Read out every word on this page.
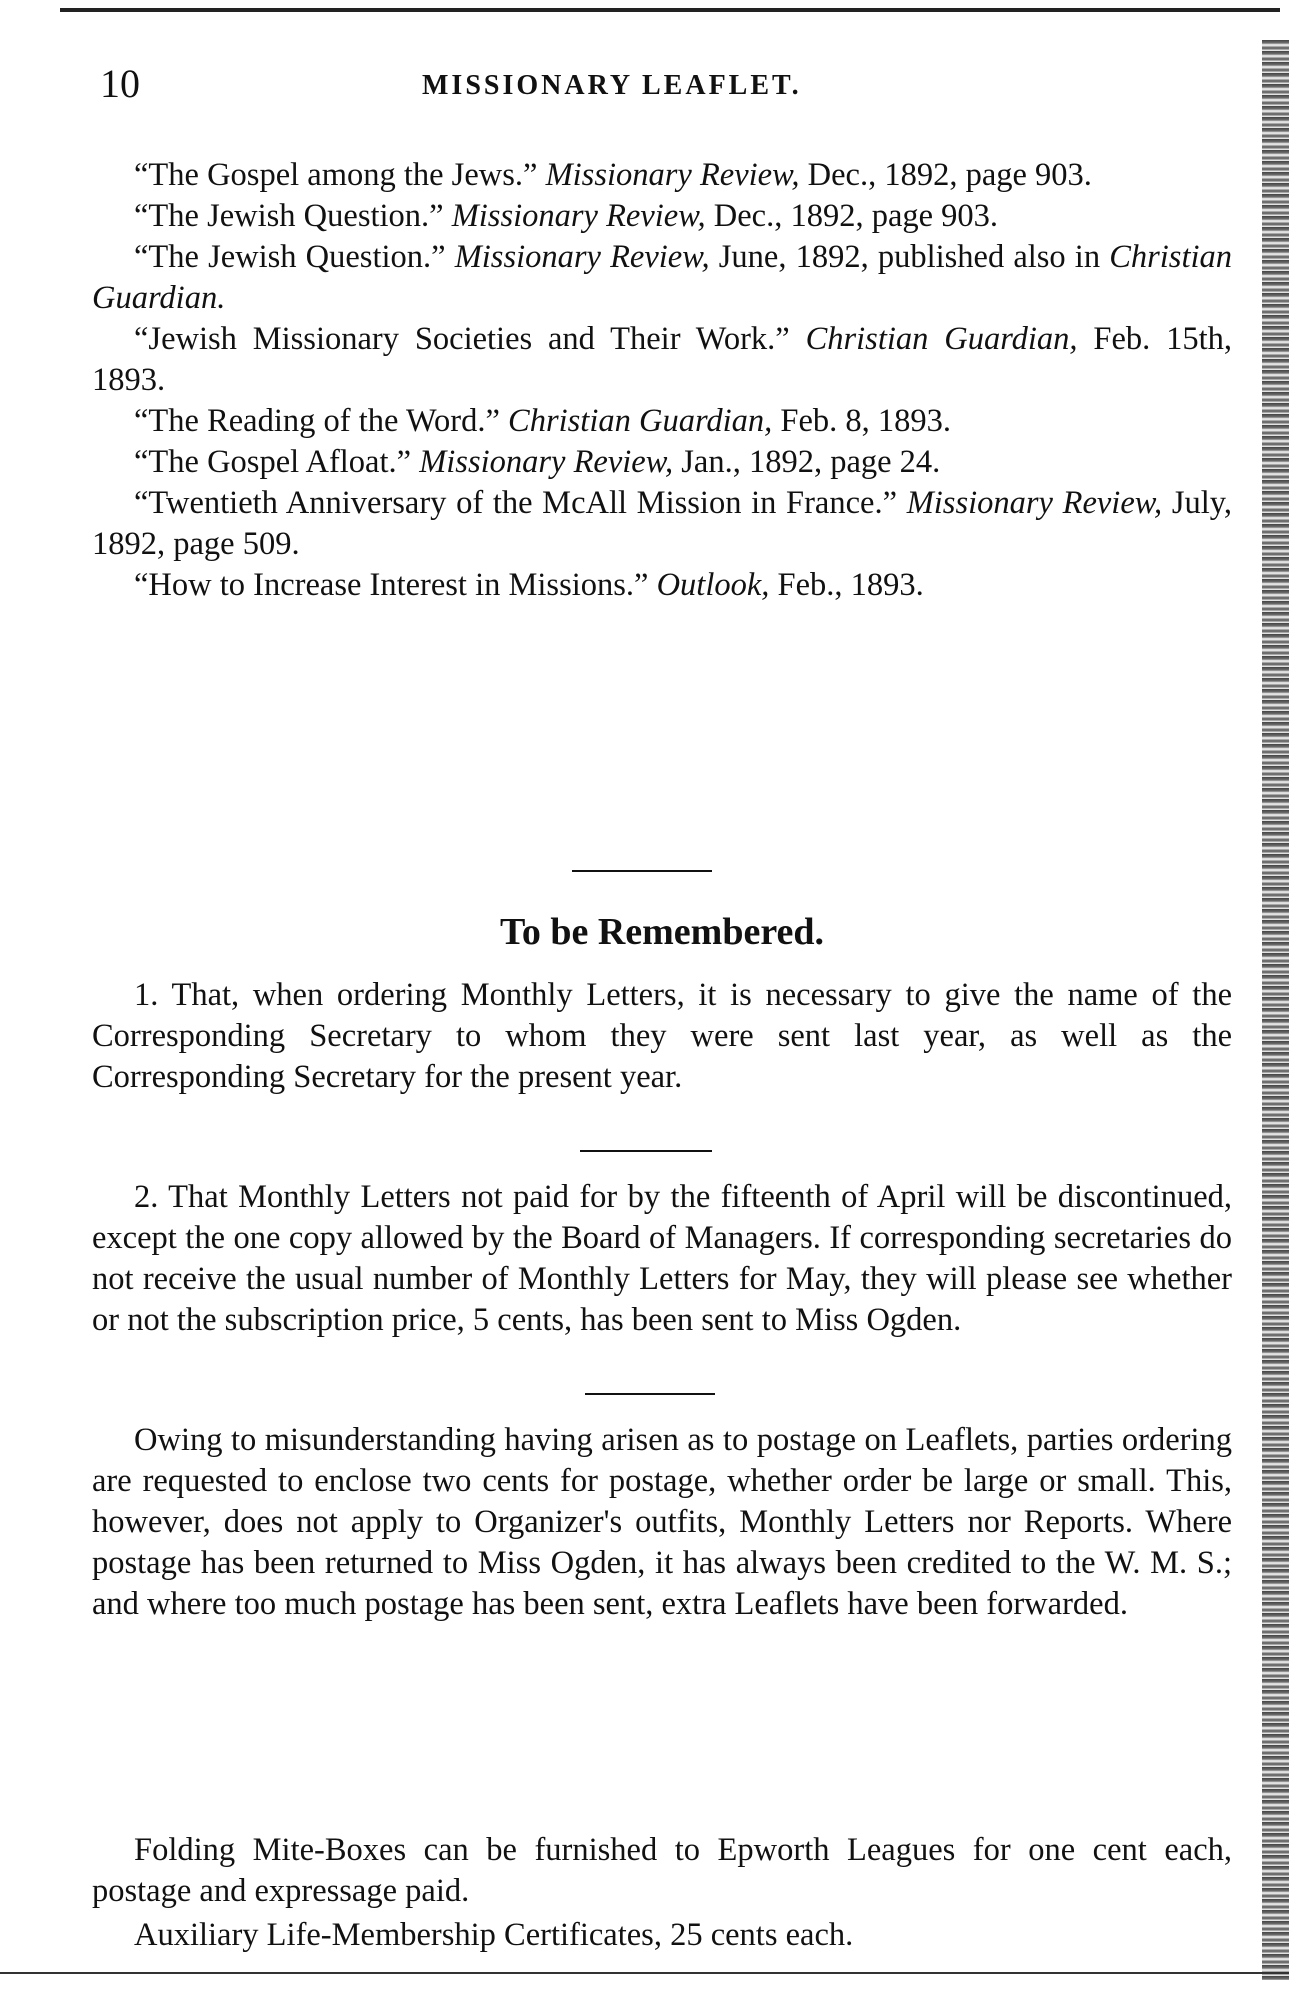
10	MISSIONARY LEAFLET.

“The Gospel among the Jews.” Missionary Review, Dec., 1892, page 903.

“The Jewish Question.” Missionary Review, Dec., 1892, page 903.

“The Jewish Question.” Missionary Review, June, 1892, published also in Christian Guardian.

“Jewish Missionary Societies and Their Work.” Christian Guardian, Feb. 15th, 1893.

“The Reading of the Word.” Christian Guardian, Feb. 8, 1893.

“The Gospel Afloat.” Missionary Review, Jan., 1892, page 24.

“Twentieth Anniversary of the McAll Mission in France.” Missionary Review, July, 1892, page 509.

“How to Increase Interest in Missions.” Outlook, Feb., 1893.

To be Remembered.

1. That, when ordering Monthly Letters, it is necessary to give the name of the Corresponding Secretary to whom they were sent last year, as well as the Corresponding Secretary for the present year.

2. That Monthly Letters not paid for by the fifteenth of April will be discontinued, except the one copy allowed by the Board of Managers. If corresponding secretaries do not receive the usual number of Monthly Letters for May, they will please see whether or not the subscription price, 5 cents, has been sent to Miss Ogden.

Owing to misunderstanding having arisen as to postage on Leaflets, parties ordering are requested to enclose two cents for postage, whether order be large or small. This, however, does not apply to Organizer's outfits, Monthly Letters nor Reports. Where postage has been returned to Miss Ogden, it has always been credited to the W. M. S.; and where too much postage has been sent, extra Leaflets have been forwarded.

Folding Mite-Boxes can be furnished to Epworth Leagues for one cent each, postage and expressage paid.

Auxiliary Life-Membership Certificates, 25 cents each.
